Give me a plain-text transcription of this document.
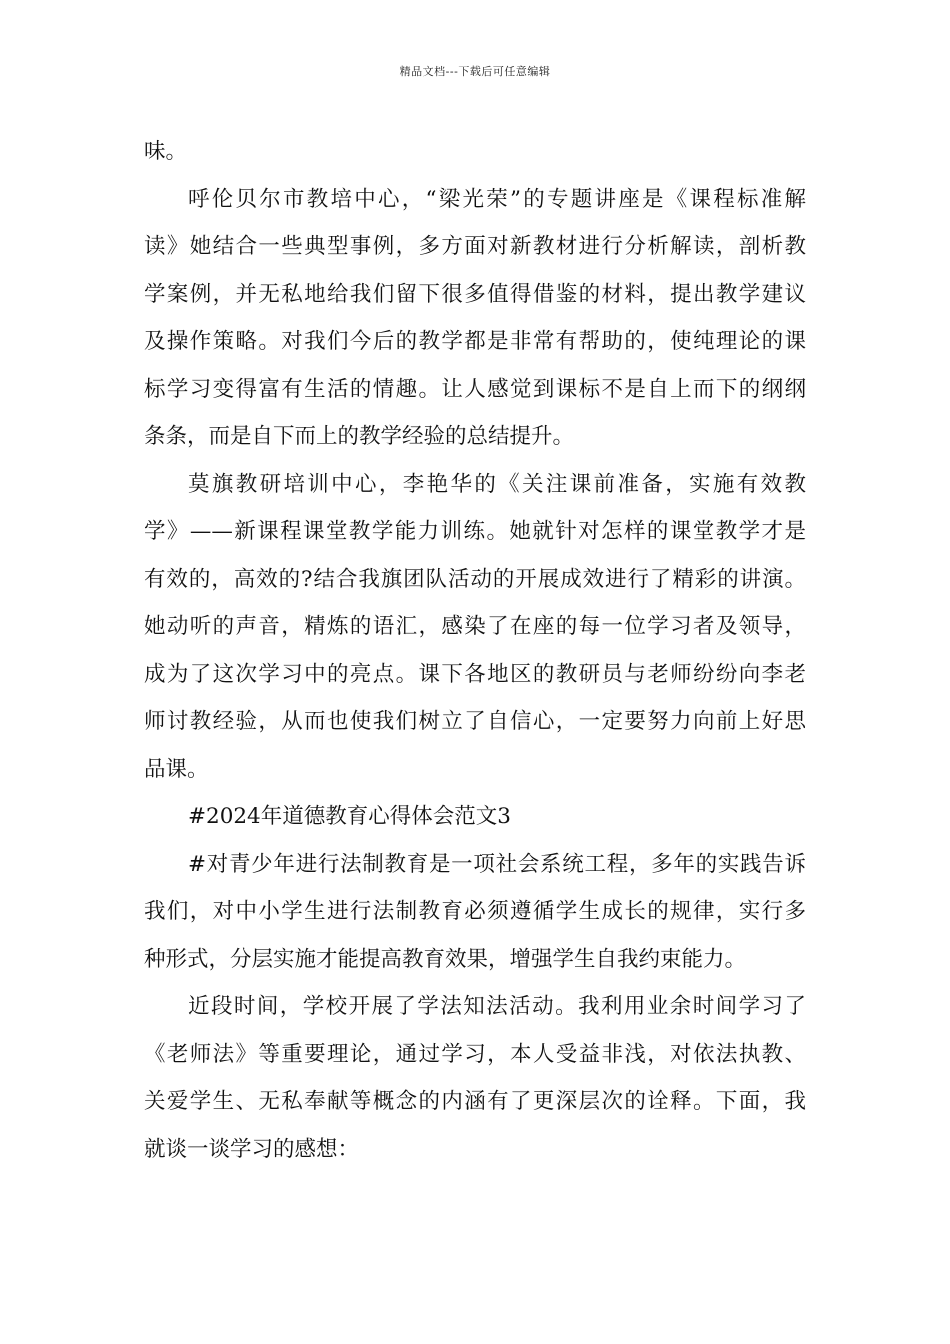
精品文档---下载后可任意编辑
味。
呼伦贝尔市教培中心，“梁光荣”的专题讲座是《课程标准解
读》她结合一些典型事例，多方面对新教材进行分析解读，剖析教
学案例，并无私地给我们留下很多值得借鉴的材料，提出教学建议
及操作策略。对我们今后的教学都是非常有帮助的，使纯理论的课
标学习变得富有生活的情趣。让人感觉到课标不是自上而下的纲纲
条条，而是自下而上的教学经验的总结提升。
莫旗教研培训中心，李艳华的《关注课前准备，实施有效教
学》——新课程课堂教学能力训练。她就针对怎样的课堂教学才是
有效的，高效的?结合我旗团队活动的开展成效进行了精彩的讲演。
她动听的声音，精炼的语汇，感染了在座的每一位学习者及领导，
成为了这次学习中的亮点。课下各地区的教研员与老师纷纷向李老
师讨教经验，从而也使我们树立了自信心，一定要努力向前上好思
品课。
#2024年道德教育心得体会范文3
#对青少年进行法制教育是一项社会系统工程，多年的实践告诉
我们，对中小学生进行法制教育必须遵循学生成长的规律，实行多
种形式，分层实施才能提高教育效果，增强学生自我约束能力。
近段时间，学校开展了学法知法活动。我利用业余时间学习了
《老师法》等重要理论，通过学习，本人受益非浅，对依法执教、
关爱学生、无私奉献等概念的内涵有了更深层次的诠释。下面，我
就谈一谈学习的感想：
